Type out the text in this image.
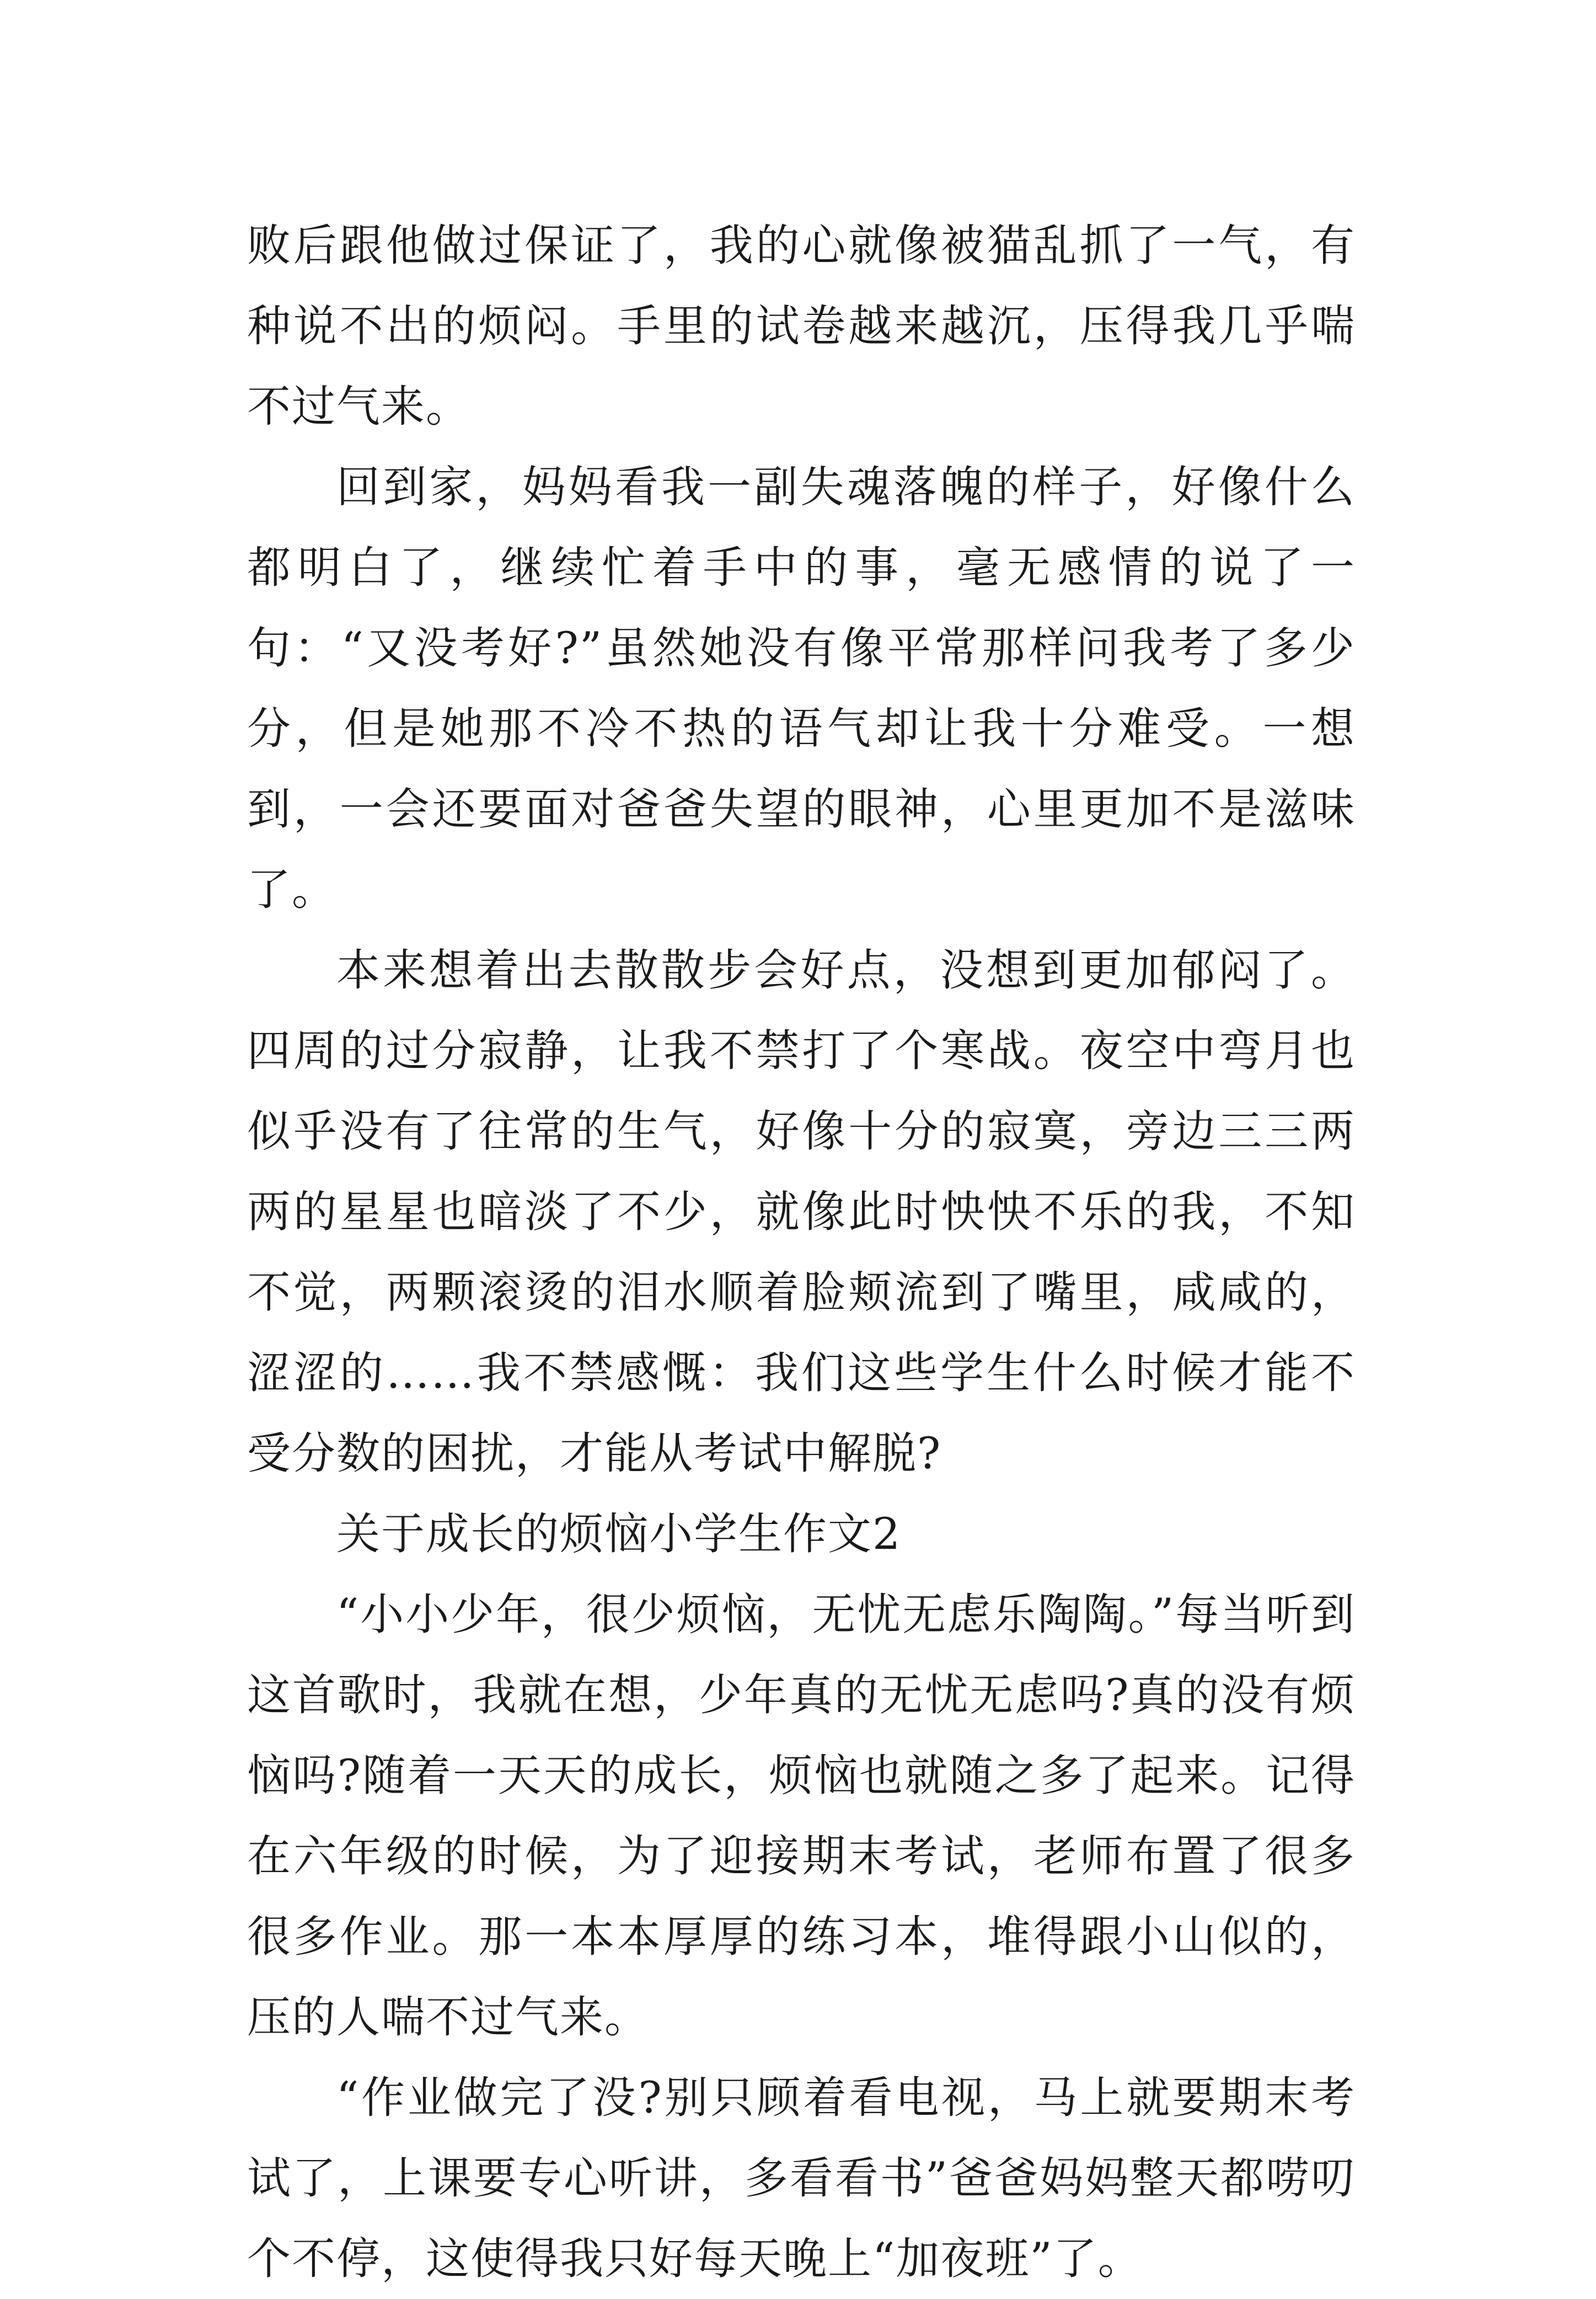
败后跟他做过保证了，我的心就像被猫乱抓了一气，有种说不出的烦闷。手里的试卷越来越沉，压得我几乎喘不过气来。

回到家，妈妈看我一副失魂落魄的样子，好像什么都明白了，继续忙着手中的事，毫无感情的说了一句：“又没考好?”虽然她没有像平常那样问我考了多少分，但是她那不冷不热的语气却让我十分难受。一想到，一会还要面对爸爸失望的眼神，心里更加不是滋味了。

本来想着出去散散步会好点，没想到更加郁闷了。四周的过分寂静，让我不禁打了个寒战。夜空中弯月也似乎没有了往常的生气，好像十分的寂寞，旁边三三两两的星星也暗淡了不少，就像此时怏怏不乐的我，不知不觉，两颗滚烫的泪水顺着脸颊流到了嘴里，咸咸的，涩涩的……我不禁感慨：我们这些学生什么时候才能不受分数的困扰，才能从考试中解脱?

关于成长的烦恼小学生作文2

“小小少年，很少烦恼，无忧无虑乐陶陶。”每当听到这首歌时，我就在想，少年真的无忧无虑吗?真的没有烦恼吗?随着一天天的成长，烦恼也就随之多了起来。记得在六年级的时候，为了迎接期末考试，老师布置了很多很多作业。那一本本厚厚的练习本，堆得跟小山似的，压的人喘不过气来。

“作业做完了没?别只顾着看电视，马上就要期末考试了，上课要专心听讲，多看看书”爸爸妈妈整天都唠叨个不停，这使得我只好每天晚上“加夜班”了。
